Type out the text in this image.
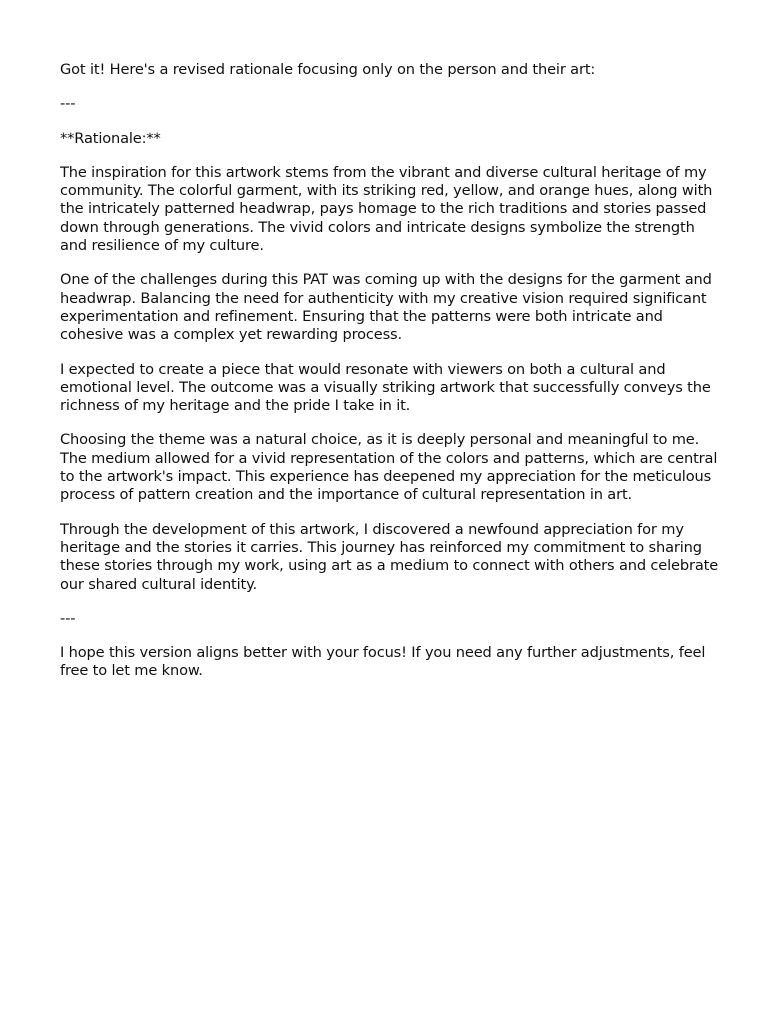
Got it! Here's a revised rationale focusing only on the person and their art:

---

**Rationale:**

The inspiration for this artwork stems from the vibrant and diverse cultural heritage of my community. The colorful garment, with its striking red, yellow, and orange hues, along with the intricately patterned headwrap, pays homage to the rich traditions and stories passed down through generations. The vivid colors and intricate designs symbolize the strength and resilience of my culture.

One of the challenges during this PAT was coming up with the designs for the garment and headwrap. Balancing the need for authenticity with my creative vision required significant experimentation and refinement. Ensuring that the patterns were both intricate and cohesive was a complex yet rewarding process.

I expected to create a piece that would resonate with viewers on both a cultural and emotional level. The outcome was a visually striking artwork that successfully conveys the richness of my heritage and the pride I take in it.

Choosing the theme was a natural choice, as it is deeply personal and meaningful to me. The medium allowed for a vivid representation of the colors and patterns, which are central to the artwork's impact. This experience has deepened my appreciation for the meticulous process of pattern creation and the importance of cultural representation in art.

Through the development of this artwork, I discovered a newfound appreciation for my heritage and the stories it carries. This journey has reinforced my commitment to sharing these stories through my work, using art as a medium to connect with others and celebrate our shared cultural identity.

---

I hope this version aligns better with your focus! If you need any further adjustments, feel free to let me know.
